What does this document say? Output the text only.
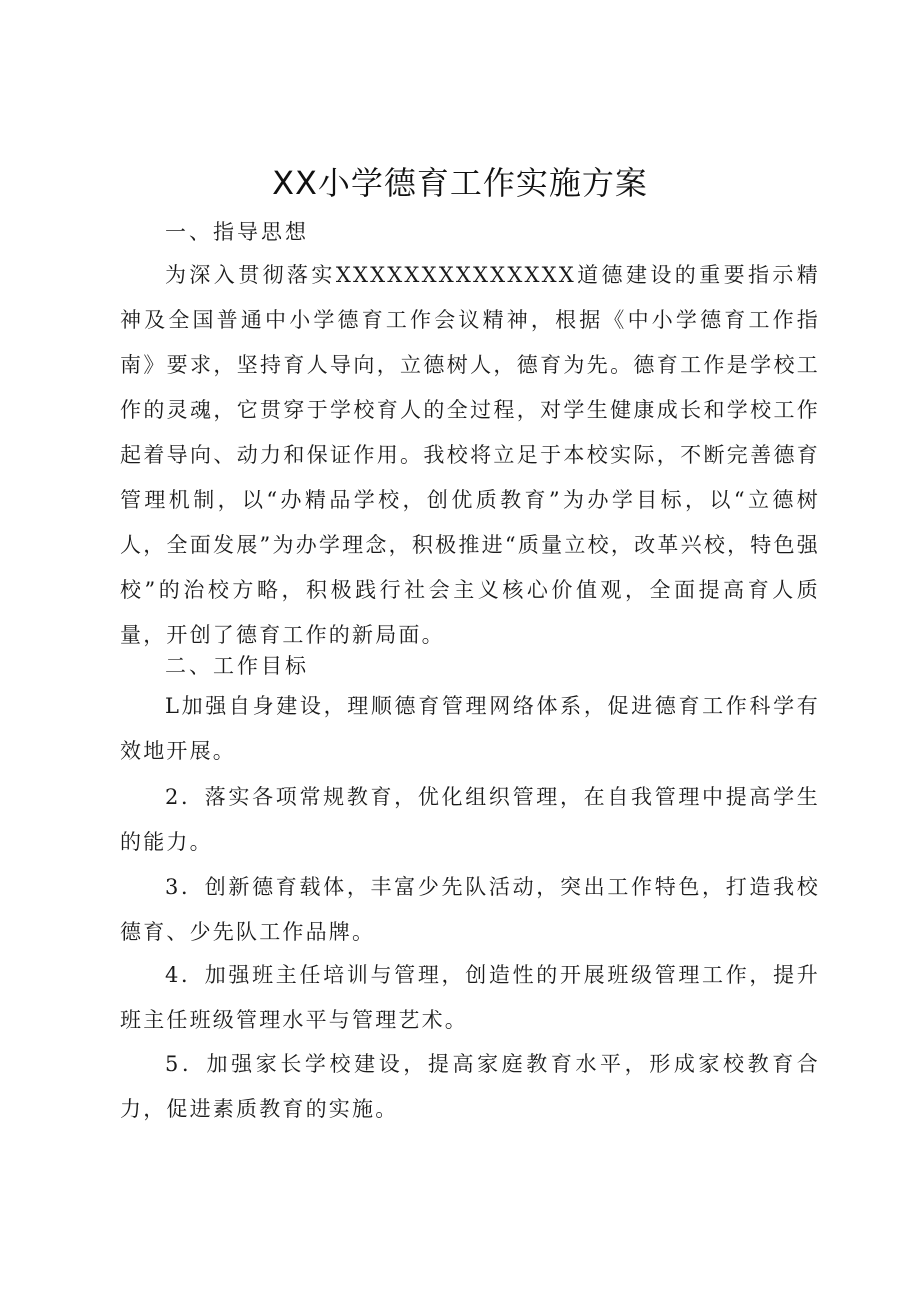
XX小学德育工作实施方案
一、指导思想
为深入贯彻落实XXXXXXXXXXXXXX道德建设的重要指示精神及全国普通中小学德育工作会议精神，根据《中小学德育工作指南》要求，坚持育人导向，立德树人，德育为先。德育工作是学校工作的灵魂，它贯穿于学校育人的全过程，对学生健康成长和学校工作起着导向、动力和保证作用。我校将立足于本校实际，不断完善德育管理机制，以“办精品学校，创优质教育”为办学目标，以“立德树人，全面发展”为办学理念，积极推进“质量立校，改革兴校，特色强校”的治校方略，积极践行社会主义核心价值观，全面提高育人质量，开创了德育工作的新局面。
二、工作目标
L加强自身建设，理顺德育管理网络体系，促进德育工作科学有效地开展。
2．落实各项常规教育，优化组织管理，在自我管理中提高学生的能力。
3．创新德育载体，丰富少先队活动，突出工作特色，打造我校德育、少先队工作品牌。
4．加强班主任培训与管理，创造性的开展班级管理工作，提升班主任班级管理水平与管理艺术。
5．加强家长学校建设，提高家庭教育水平，形成家校教育合力，促进素质教育的实施。
